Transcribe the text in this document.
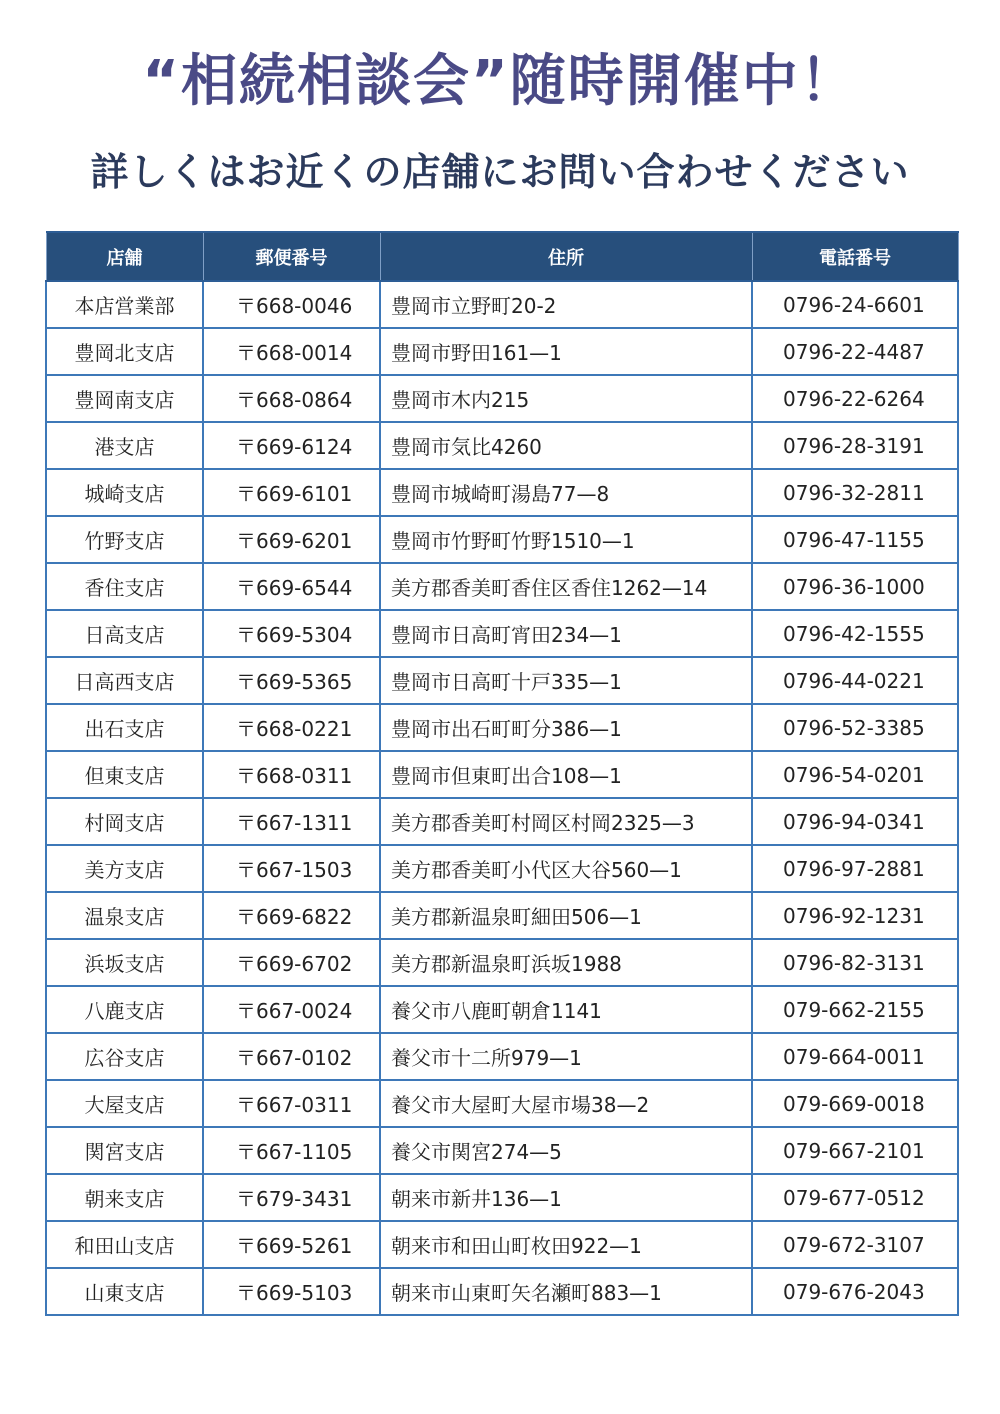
“相続相談会”随時開催中！
詳しくはお近くの店舗にお問い合わせください
店舗	郵便番号	住所	電話番号
本店営業部	〒668-0046	豊岡市立野町20-2	0796-24-6601
豊岡北支店	〒668-0014	豊岡市野田161—1	0796-22-4487
豊岡南支店	〒668-0864	豊岡市木内215	0796-22-6264
港支店	〒669-6124	豊岡市気比4260	0796-28-3191
城崎支店	〒669-6101	豊岡市城崎町湯島77—8	0796-32-2811
竹野支店	〒669-6201	豊岡市竹野町竹野1510—1	0796-47-1155
香住支店	〒669-6544	美方郡香美町香住区香住1262—14	0796-36-1000
日高支店	〒669-5304	豊岡市日高町宵田234—1	0796-42-1555
日高西支店	〒669-5365	豊岡市日高町十戸335—1	0796-44-0221
出石支店	〒668-0221	豊岡市出石町町分386—1	0796-52-3385
但東支店	〒668-0311	豊岡市但東町出合108—1	0796-54-0201
村岡支店	〒667-1311	美方郡香美町村岡区村岡2325—3	0796-94-0341
美方支店	〒667-1503	美方郡香美町小代区大谷560—1	0796-97-2881
温泉支店	〒669-6822	美方郡新温泉町細田506—1	0796-92-1231
浜坂支店	〒669-6702	美方郡新温泉町浜坂1988	0796-82-3131
八鹿支店	〒667-0024	養父市八鹿町朝倉1141	079-662-2155
広谷支店	〒667-0102	養父市十二所979—1	079-664-0011
大屋支店	〒667-0311	養父市大屋町大屋市場38—2	079-669-0018
関宮支店	〒667-1105	養父市関宮274—5	079-667-2101
朝来支店	〒679-3431	朝来市新井136—1	079-677-0512
和田山支店	〒669-5261	朝来市和田山町枚田922—1	079-672-3107
山東支店	〒669-5103	朝来市山東町矢名瀬町883—1	079-676-2043
